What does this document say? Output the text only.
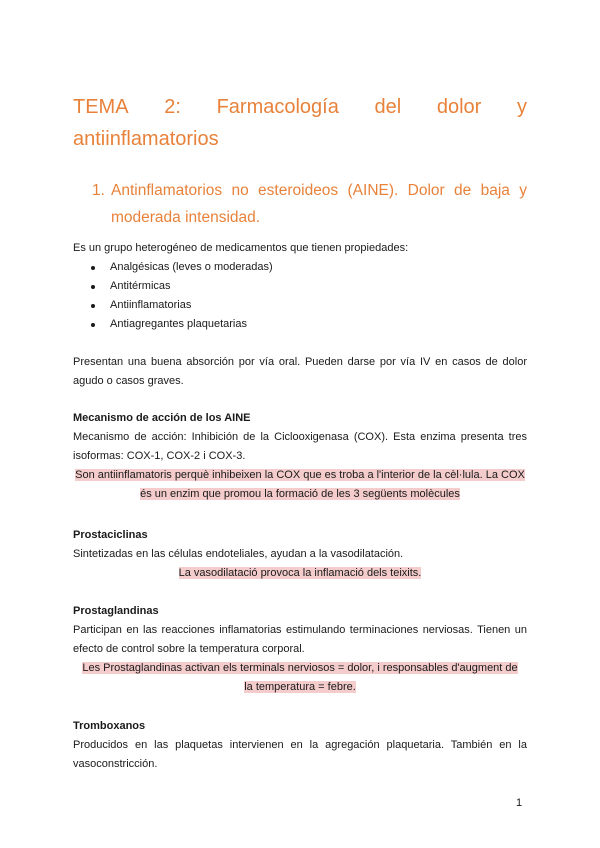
TEMA 2: Farmacología del dolor y
antiinflamatorios
1. Antinflamatorios no esteroideos (AINE). Dolor de baja y moderada intensidad.
Es un grupo heterogéneo de medicamentos que tienen propiedades:
Analgésicas (leves o moderadas)
Antitérmicas
Antiinflamatorias
Antiagregantes plaquetarias
Presentan una buena absorción por vía oral. Pueden darse por vía IV en casos de dolor agudo o casos graves.
Mecanismo de acción de los AINE
Mecanismo de acción: Inhibición de la Ciclooxigenasa (COX). Esta enzima presenta tres isoformas: COX-1, COX-2 i COX-3.
Son antiinflamatoris perquè inhibeixen la COX que es troba a l'interior de la cèl·lula. La COX
és un enzim que promou la formació de les 3 següents molècules
Prostaciclinas
Sintetizadas en las células endoteliales, ayudan a la vasodilatación.
La vasodilatació provoca la inflamació dels teixits.
Prostaglandinas
Participan en las reacciones inflamatorias estimulando terminaciones nerviosas. Tienen un efecto de control sobre la temperatura corporal.
Les Prostaglandinas activan els terminals nerviosos = dolor, i responsables d'augment de
la temperatura = febre.
Tromboxanos
Producidos en las plaquetas intervienen en la agregación plaquetaria. También en la vasoconstricción.
1
